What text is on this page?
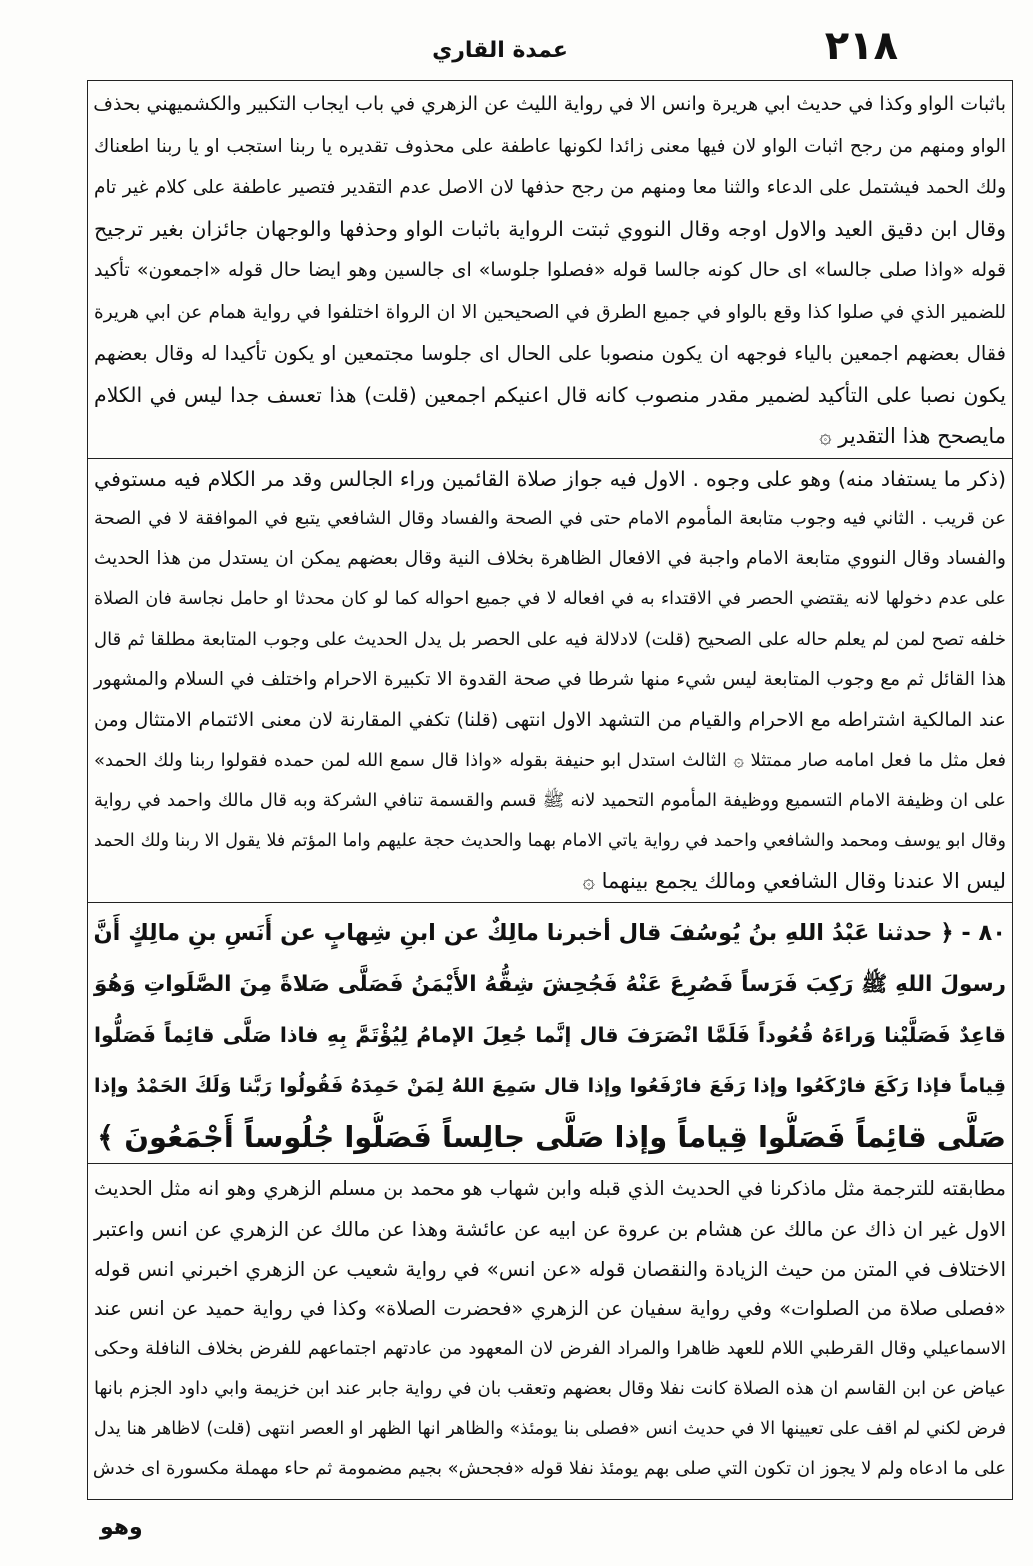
٢١٨
عمدة القاري
باثبات الواو وكذا في حديث ابي هريرة وانس الا في رواية الليث عن الزهري في باب ايجاب التكبير والكشميهني بحذف
الواو ومنهم من رجح اثبات الواو لان فيها معنى زائدا لكونها عاطفة على محذوف تقديره يا ربنا استجب او يا ربنا اطعناك
ولك الحمد فيشتمل على الدعاء والثنا معا ومنهم من رجح حذفها لان الاصل عدم التقدير فتصير عاطفة على كلام غير تام
وقال ابن دقيق العيد والاول اوجه وقال النووي ثبتت الرواية باثبات الواو وحذفها والوجهان جائزان بغير ترجيح
قوله «واذا صلى جالسا» اى حال كونه جالسا قوله «فصلوا جلوسا» اى جالسين وهو ايضا حال قوله «اجمعون» تأكيد
للضمير الذي في صلوا كذا وقع بالواو في جميع الطرق في الصحيحين الا ان الرواة اختلفوا في رواية همام عن ابي هريرة
فقال بعضهم اجمعين بالياء فوجهه ان يكون منصوبا على الحال اى جلوسا مجتمعين او يكون تأكيدا له وقال بعضهم
يكون نصبا على التأكيد لضمير مقدر منصوب كانه قال اعنيكم اجمعين (قلت) هذا تعسف جدا ليس في الكلام
مايصحح هذا التقدير ۞
(ذكر ما يستفاد منه) وهو على وجوه . الاول فيه جواز صلاة القائمين وراء الجالس وقد مر الكلام فيه مستوفي
عن قريب . الثاني فيه وجوب متابعة المأموم الامام حتى في الصحة والفساد وقال الشافعي يتبع في الموافقة لا في الصحة
والفساد وقال النووي متابعة الامام واجبة في الافعال الظاهرة بخلاف النية وقال بعضهم يمكن ان يستدل من هذا الحديث
على عدم دخولها لانه يقتضي الحصر في الاقتداء به في افعاله لا في جميع احواله كما لو كان محدثا او حامل نجاسة فان الصلاة
خلفه تصح لمن لم يعلم حاله على الصحيح (قلت) لادلالة فيه على الحصر بل يدل الحديث على وجوب المتابعة مطلقا ثم قال
هذا القائل ثم مع وجوب المتابعة ليس شيء منها شرطا في صحة القدوة الا تكبيرة الاحرام واختلف في السلام والمشهور
عند المالكية اشتراطه مع الاحرام والقيام من التشهد الاول انتهى (قلنا) تكفي المقارنة لان معنى الائتمام الامتثال ومن
فعل مثل ما فعل امامه صار ممتثلا ۞ الثالث استدل ابو حنيفة بقوله «واذا قال سمع الله لمن حمده فقولوا ربنا ولك الحمد»
على ان وظيفة الامام التسميع ووظيفة المأموم التحميد لانه ﷺ قسم والقسمة تنافي الشركة وبه قال مالك واحمد في رواية
وقال ابو يوسف ومحمد والشافعي واحمد في رواية ياتي الامام بهما والحديث حجة عليهم واما المؤتم فلا يقول الا ربنا ولك الحمد
ليس الا عندنا وقال الشافعي ومالك يجمع بينهما ۞
٨٠ - ﴿ حدثنا عَبْدُ اللهِ بنُ يُوسُفَ قال أخبرنا مالِكٌ عن ابنِ شِهابٍ عن أَنَسِ بنِ مالِكٍ أَنَّ
رسولَ اللهِ ﷺ رَكِبَ فَرَساً فَصُرِعَ عَنْهُ فَجُحِشَ شِقُّهُ الأَيْمَنُ فَصَلَّى صَلاةً مِنَ الصَّلَواتِ وَهُوَ
قاعِدٌ فَصَلَّيْنا وَراءَهُ قُعُوداً فَلَمَّا انْصَرَفَ قال إنَّما جُعِلَ الإمامُ لِيُؤْتَمَّ بِهِ فاذا صَلَّى قائِماً فَصَلُّوا
قِياماً فإذا رَكَعَ فارْكَعُوا وإذا رَفَعَ فارْفَعُوا وإذا قال سَمِعَ اللهُ لِمَنْ حَمِدَهُ فَقُولُوا رَبَّنا وَلَكَ الحَمْدُ وإذا
صَلَّى قائِماً فَصَلُّوا قِياماً وإذا صَلَّى جالِساً فَصَلُّوا جُلُوساً أَجْمَعُونَ ﴾
مطابقته للترجمة مثل ماذكرنا في الحديث الذي قبله وابن شهاب هو محمد بن مسلم الزهري وهو انه مثل الحديث
الاول غير ان ذاك عن مالك عن هشام بن عروة عن ابيه عن عائشة وهذا عن مالك عن الزهري عن انس واعتبر
الاختلاف في المتن من حيث الزيادة والنقصان قوله «عن انس» في رواية شعيب عن الزهري اخبرني انس قوله
«فصلى صلاة من الصلوات» وفي رواية سفيان عن الزهري «فحضرت الصلاة» وكذا في رواية حميد عن انس عند
الاسماعيلي وقال القرطبي اللام للعهد ظاهرا والمراد الفرض لان المعهود من عادتهم اجتماعهم للفرض بخلاف النافلة وحكى
عياض عن ابن القاسم ان هذه الصلاة كانت نفلا وقال بعضهم وتعقب بان في رواية جابر عند ابن خزيمة وابي داود الجزم بانها
فرض لكني لم اقف على تعيينها الا في حديث انس «فصلى بنا يومئذ» والظاهر انها الظهر او العصر انتهى (قلت) لاظاهر هنا يدل
على ما ادعاه ولم لا يجوز ان تكون التي صلى بهم يومئذ نفلا قوله «فجحش» بجيم مضمومة ثم حاء مهملة مكسورة اى خدش
وهو
